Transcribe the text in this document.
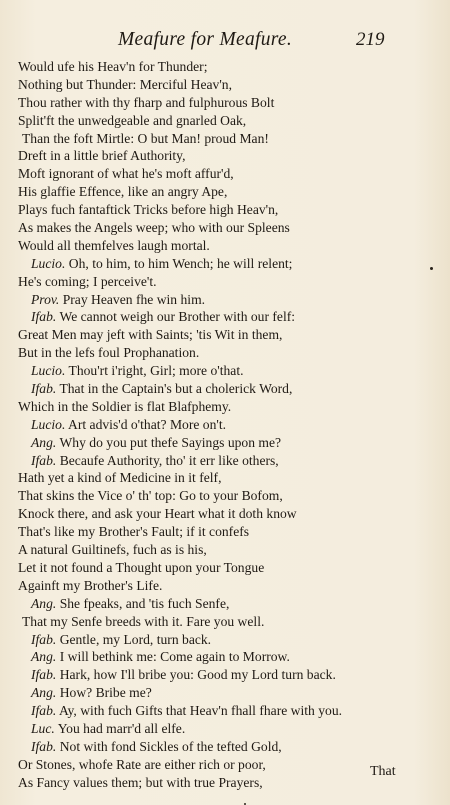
Meafure for Meafure.	219
Would ufe his Heav'n for Thunder;
Nothing but Thunder: Merciful Heav'n,
Thou rather with thy fharp and fulphurous Bolt
Split'ft the unwedgeable and gnarled Oak,
Than the foft Mirtle: O but Man! proud Man!
Dreft in a little brief Authority,
Moft ignorant of what he's moft affur'd,
His glaffie Effence, like an angry Ape,
Plays fuch fantaftick Tricks before high Heav'n,
As makes the Angels weep; who with our Spleens
Would all themfelves laugh mortal.
Lucio. Oh, to him, to him Wench; he will relent;
He's coming; I perceive't.
Prov. Pray Heaven fhe win him.
Ifab. We cannot weigh our Brother with our felf:
Great Men may jeft with Saints; 'tis Wit in them,
But in the lefs foul Prophanation.
Lucio. Thou'rt i'right, Girl; more o'that.
Ifab. That in the Captain's but a cholerick Word,
Which in the Soldier is flat Blafphemy.
Lucio. Art advis'd o'that? More on't.
Ang. Why do you put thefe Sayings upon me?
Ifab. Becaufe Authority, tho' it err like others,
Hath yet a kind of Medicine in it felf,
That skins the Vice o' th' top: Go to your Bofom,
Knock there, and ask your Heart what it doth know
That's like my Brother's Fault; if it confefs
A natural Guiltinefs, fuch as is his,
Let it not found a Thought upon your Tongue
Againft my Brother's Life.
Ang. She fpeaks, and 'tis fuch Senfe,
That my Senfe breeds with it. Fare you well.
Ifab. Gentle, my Lord, turn back.
Ang. I will bethink me: Come again to Morrow.
Ifab. Hark, how I'll bribe you: Good my Lord turn back.
Ang. How? Bribe me?
Ifab. Ay, with fuch Gifts that Heav'n fhall fhare with you.
Luc. You had marr'd all elfe.
Ifab. Not with fond Sickles of the tefted Gold,
Or Stones, whofe Rate are either rich or poor,
As Fancy values them; but with true Prayers,
That
